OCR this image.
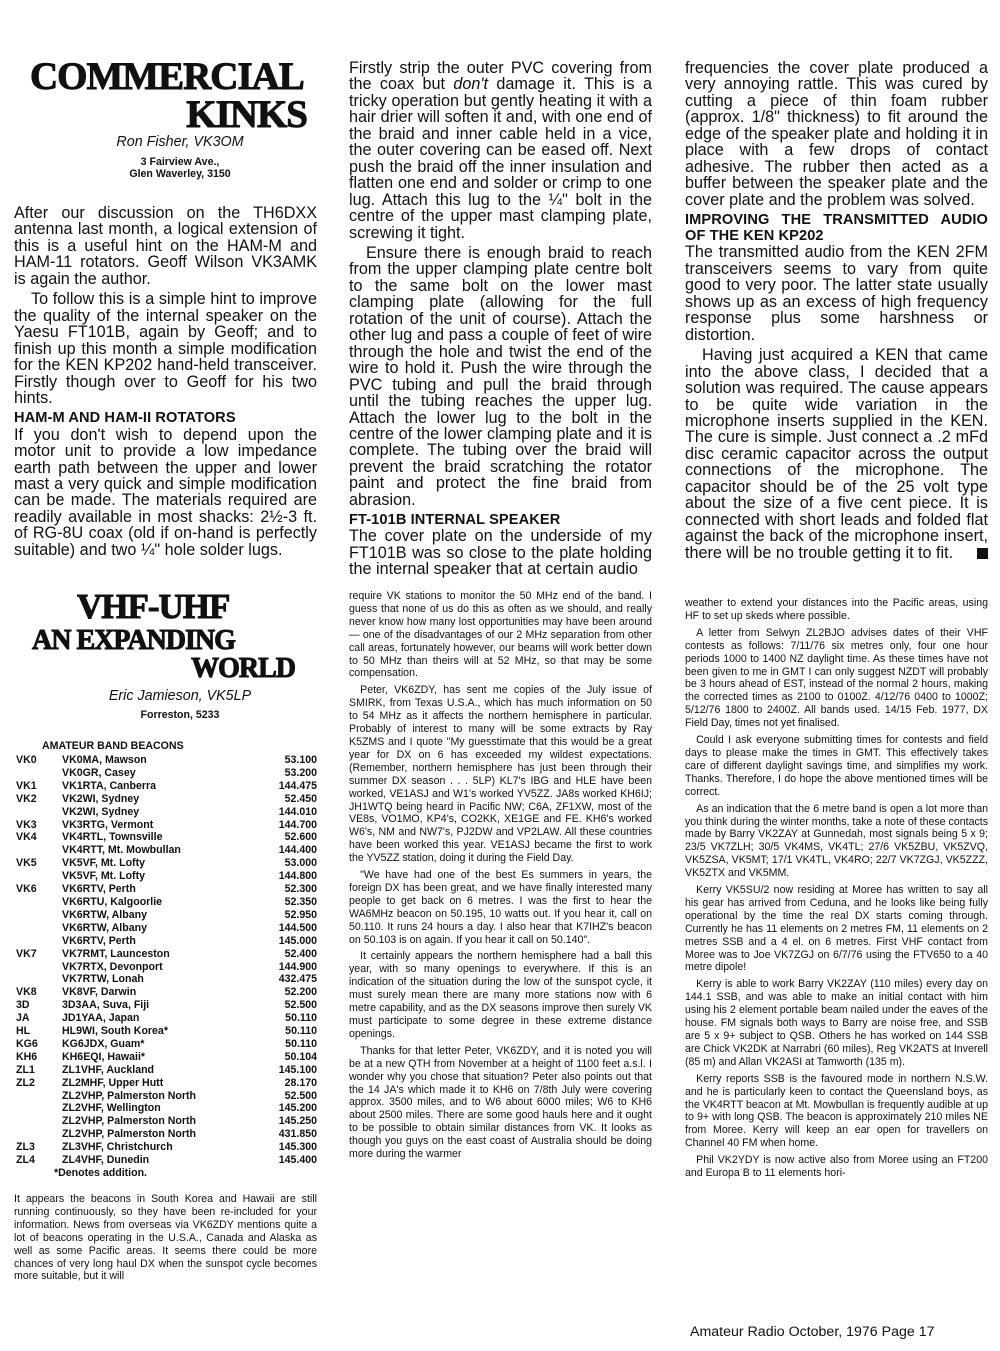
COMMERCIAL
KINKS
Ron Fisher, VK3OM
3 Fairview Ave.,
Glen Waverley, 3150

After our discussion on the TH6DXX antenna last month, a logical extension of this is a useful hint on the HAM-M and HAM-11 rotators. Geoff Wilson VK3AMK is again the author.

To follow this is a simple hint to improve the quality of the internal speaker on the Yaesu FT101B, again by Geoff; and to finish up this month a simple modification for the KEN KP202 hand-held transceiver. Firstly though over to Geoff for his two hints.

HAM-M AND HAM-II ROTATORS

If you don't wish to depend upon the motor unit to provide a low impedance earth path between the upper and lower mast a very quick and simple modification can be made. The materials required are readily available in most shacks: 2½-3 ft. of RG-8U coax (old if on-hand is perfectly suitable) and two ¼" hole solder lugs.

Firstly strip the outer PVC covering from the coax but don't damage it. This is a tricky operation but gently heating it with a hair drier will soften it and, with one end of the braid and inner cable held in a vice, the outer covering can be eased off. Next push the braid off the inner insulation and flatten one end and solder or crimp to one lug. Attach this lug to the ¼" bolt in the centre of the upper mast clamping plate, screwing it tight.

Ensure there is enough braid to reach from the upper clamping plate centre bolt to the same bolt on the lower mast clamping plate (allowing for the full rotation of the unit of course). Attach the other lug and pass a couple of feet of wire through the hole and twist the end of the wire to hold it. Push the wire through the PVC tubing and pull the braid through until the tubing reaches the upper lug. Attach the lower lug to the bolt in the centre of the lower clamping plate and it is complete. The tubing over the braid will prevent the braid scratching the rotator paint and protect the fine braid from abrasion.

FT-101B INTERNAL SPEAKER

The cover plate on the underside of my FT101B was so close to the plate holding the internal speaker that at certain audio

frequencies the cover plate produced a very annoying rattle. This was cured by cutting a piece of thin foam rubber (approx. 1/8" thickness) to fit around the edge of the speaker plate and holding it in place with a few drops of contact adhesive. The rubber then acted as a buffer between the speaker plate and the cover plate and the problem was solved.

IMPROVING THE TRANSMITTED AUDIO OF THE KEN KP202

The transmitted audio from the KEN 2FM transceivers seems to vary from quite good to very poor. The latter state usually shows up as an excess of high frequency response plus some harshness or distortion.

Having just acquired a KEN that came into the above class, I decided that a solution was required. The cause appears to be quite wide variation in the microphone inserts supplied in the KEN. The cure is simple. Just connect a .2 mFd disc ceramic capacitor across the output connections of the microphone. The capacitor should be of the 25 volt type about the size of a five cent piece. It is connected with short leads and folded flat against the back of the microphone insert, there will be no trouble getting it to fit.

VHF-UHF
AN EXPANDING
WORLD
Eric Jamieson, VK5LP
Forreston, 5233
AMATEUR BAND BEACONS
VK0	VK0MA, Mawson	53.100
	VK0GR, Casey	53.200
VK1	VK1RTA, Canberra	144.475
VK2	VK2WI, Sydney	52.450
	VK2WI, Sydney	144.010
VK3	VK3RTG, Vermont	144.700
VK4	VK4RTL, Townsville	52.600
	VK4RTT, Mt. Mowbullan	144.400
VK5	VK5VF, Mt. Lofty	53.000
	VK5VF, Mt. Lofty	144.800
VK6	VK6RTV, Perth	52.300
	VK6RTU, Kalgoorlie	52.350
	VK6RTW, Albany	52.950
	VK6RTW, Albany	144.500
	VK6RTV, Perth	145.000
VK7	VK7RMT, Launceston	52.400
	VK7RTX, Devonport	144.900
	VK7RTW, Lonah	432.475
VK8	VK8VF, Darwin	52.200
3D	3D3AA, Suva, Fiji	52.500
JA	JD1YAA, Japan	50.110
HL	HL9WI, South Korea*	50.110
KG6	KG6JDX, Guam*	50.110
KH6	KH6EQI, Hawaii*	50.104
ZL1	ZL1VHF, Auckland	145.100
ZL2	ZL2MHF, Upper Hutt	28.170
	ZL2VHP, Palmerston North	52.500
	ZL2VHF, Wellington	145.200
	ZL2VHP, Palmerston North	145.250
	ZL2VHP, Palmerston North	431.850
ZL3	ZL3VHF, Christchurch	145.300
ZL4	ZL4VHF, Dunedin	145.400
*Denotes addition.

It appears the beacons in South Korea and Hawaii are still running continuously, so they have been re-included for your information. News from overseas via VK6ZDY mentions quite a lot of beacons operating in the U.S.A., Canada and Alaska as well as some Pacific areas. It seems there could be more chances of very long haul DX when the sunspot cycle becomes more suitable, but it will

require VK stations to monitor the 50 MHz end of the band. I guess that none of us do this as often as we should, and really never know how many lost opportunities may have been around — one of the disadvantages of our 2 MHz separation from other call areas, fortunately however, our beams will work better down to 50 MHz than theirs will at 52 MHz, so that may be some compensation.

Peter, VK6ZDY, has sent me copies of the July issue of SMIRK, from Texas U.S.A., which has much information on 50 to 54 MHz as it affects the northern hemisphere in particular. Probably of interest to many will be some extracts by Ray K5ZMS and I quote "My guesstimate that this would be a great year for DX on 6 has exceeded my wildest expectations. (Remember, northern hemisphere has just been through their summer DX season . . . 5LP) KL7's IBG and HLE have been worked, VE1ASJ and W1's worked YV5ZZ. JA8s worked KH6IJ; JH1WTQ being heard in Pacific NW; C6A, ZF1XW, most of the VE8s, VO1MO, KP4's, CO2KK, XE1GE and FE. KH6's worked W6's, NM and NW7's, PJ2DW and VP2LAW. All these countries have been worked this year. VE1ASJ became the first to work the YV5ZZ station, doing it during the Field Day.

"We have had one of the best Es summers in years, the foreign DX has been great, and we have finally interested many people to get back on 6 metres. I was the first to hear the WA6MHz beacon on 50.195, 10 watts out. If you hear it, call on 50.110. It runs 24 hours a day. I also hear that K7IHZ's beacon on 50.103 is on again. If you hear it call on 50.140".

It certainly appears the northern hemisphere had a ball this year, with so many openings to everywhere. If this is an indication of the situation during the low of the sunspot cycle, it must surely mean there are many more stations now with 6 metre capability, and as the DX seasons improve then surely VK must participate to some degree in these extreme distance openings.

Thanks for that letter Peter, VK6ZDY, and it is noted you will be at a new QTH from November at a height of 1100 feet a.s.l. I wonder why you chose that situation? Peter also points out that the 14 JA's which made it to KH6 on 7/8th July were covering approx. 3500 miles, and to W6 about 6000 miles; W6 to KH6 about 2500 miles. There are some good hauls here and it ought to be possible to obtain similar distances from VK. It looks as though you guys on the east coast of Australia should be doing more during the warmer

weather to extend your distances into the Pacific areas, using HF to set up skeds where possible.

A letter from Selwyn ZL2BJO advises dates of their VHF contests as follows: 7/11/76 six metres only, four one hour periods 1000 to 1400 NZ daylight time. As these times have not been given to me in GMT I can only suggest NZDT will probably be 3 hours ahead of EST, instead of the normal 2 hours, making the corrected times as 2100 to 0100Z. 4/12/76 0400 to 1000Z; 5/12/76 1800 to 2400Z. All bands used. 14/15 Feb. 1977, DX Field Day, times not yet finalised.

Could I ask everyone submitting times for contests and field days to please make the times in GMT. This effectively takes care of different daylight savings time, and simplifies my work. Thanks. Therefore, I do hope the above mentioned times will be correct.

As an indication that the 6 metre band is open a lot more than you think during the winter months, take a note of these contacts made by Barry VK2ZAY at Gunnedah, most signals being 5 x 9; 23/5 VK7ZLH; 30/5 VK4MS, VK4TL; 27/6 VK5ZBU, VK5ZVQ, VK5ZSA, VK5MT; 17/1 VK4TL, VK4RO; 22/7 VK7ZGJ, VK5ZZZ, VK5ZTX and VK5MM.

Kerry VK5SU/2 now residing at Moree has written to say all his gear has arrived from Ceduna, and he looks like being fully operational by the time the real DX starts coming through. Currently he has 11 elements on 2 metres FM, 11 elements on 2 metres SSB and a 4 el. on 6 metres. First VHF contact from Moree was to Joe VK7ZGJ on 6/7/76 using the FTV650 to a 40 metre dipole!

Kerry is able to work Barry VK2ZAY (110 miles) every day on 144.1 SSB, and was able to make an initial contact with him using his 2 element portable beam nailed under the eaves of the house. FM signals both ways to Barry are noise free, and SSB are 5 x 9+ subject to QSB. Others he has worked on 144 SSB are Chick VK2DK at Narrabri (60 miles), Reg VK2ATS at Inverell (85 m) and Allan VK2ASI at Tamworth (135 m).

Kerry reports SSB is the favoured mode in northern N.S.W. and he is particularly keen to contact the Queensland boys, as the VK4RTT beacon at Mt. Mowbullan is frequently audible at up to 9+ with long QSB. The beacon is approximately 210 miles NE from Moree. Kerry will keep an ear open for travellers on Channel 40 FM when home.

Phil VK2YDY is now active also from Moree using an FT200 and Europa B to 11 elements hori-

Amateur Radio October, 1976 Page 17
